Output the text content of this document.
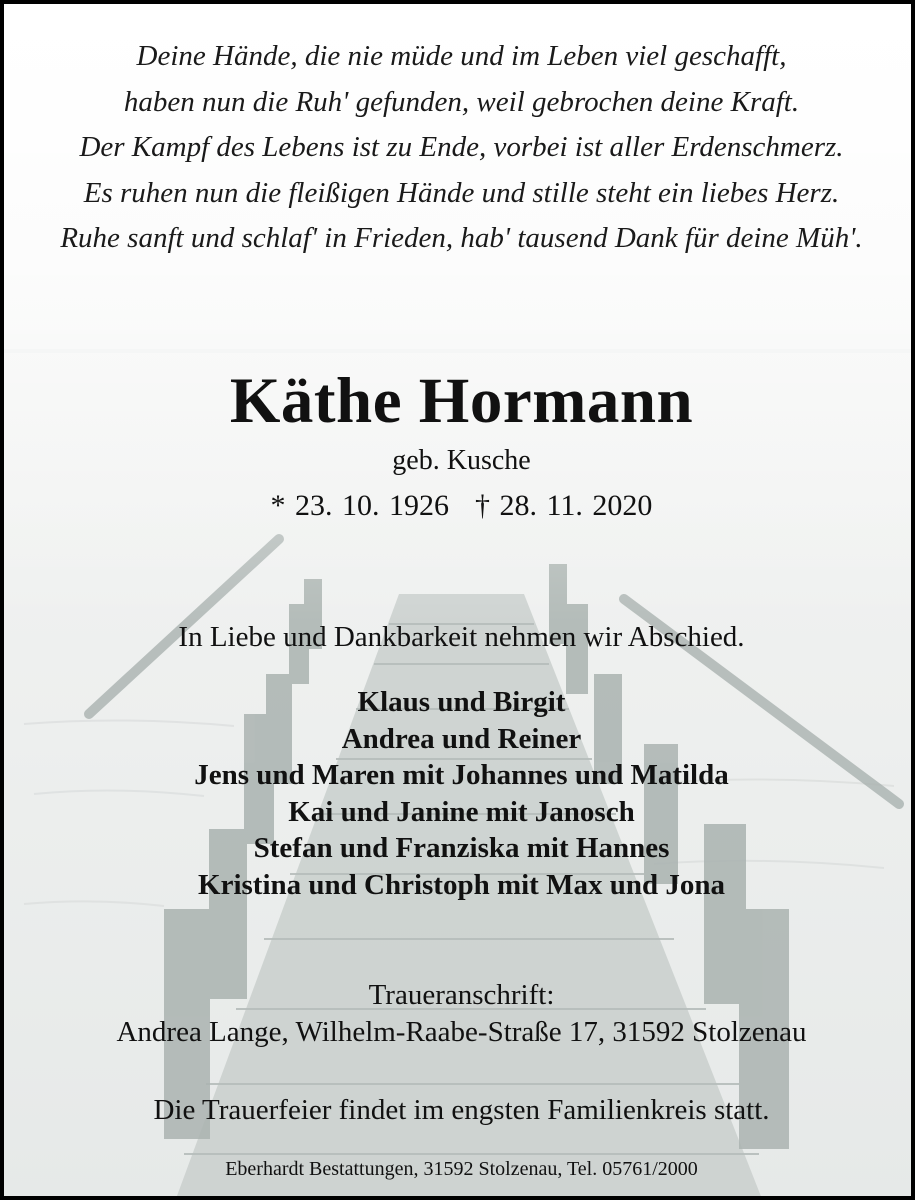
Deine Hände, die nie müde und im Leben viel geschafft,
haben nun die Ruh' gefunden, weil gebrochen deine Kraft.
Der Kampf des Lebens ist zu Ende, vorbei ist aller Erdenschmerz.
Es ruhen nun die fleißigen Hände und stille steht ein liebes Herz.
Ruhe sanft und schlaf' in Frieden, hab' tausend Dank für deine Müh'.
Käthe Hormann
geb. Kusche
* 23. 10. 1926 † 28. 11. 2020
In Liebe und Dankbarkeit nehmen wir Abschied.
Klaus und Birgit
Andrea und Reiner
Jens und Maren mit Johannes und Matilda
Kai und Janine mit Janosch
Stefan und Franziska mit Hannes
Kristina und Christoph mit Max und Jona
Traueranschrift:
Andrea Lange, Wilhelm-Raabe-Straße 17, 31592 Stolzenau
Die Trauerfeier findet im engsten Familienkreis statt.
Eberhardt Bestattungen, 31592 Stolzenau, Tel. 05761/2000
